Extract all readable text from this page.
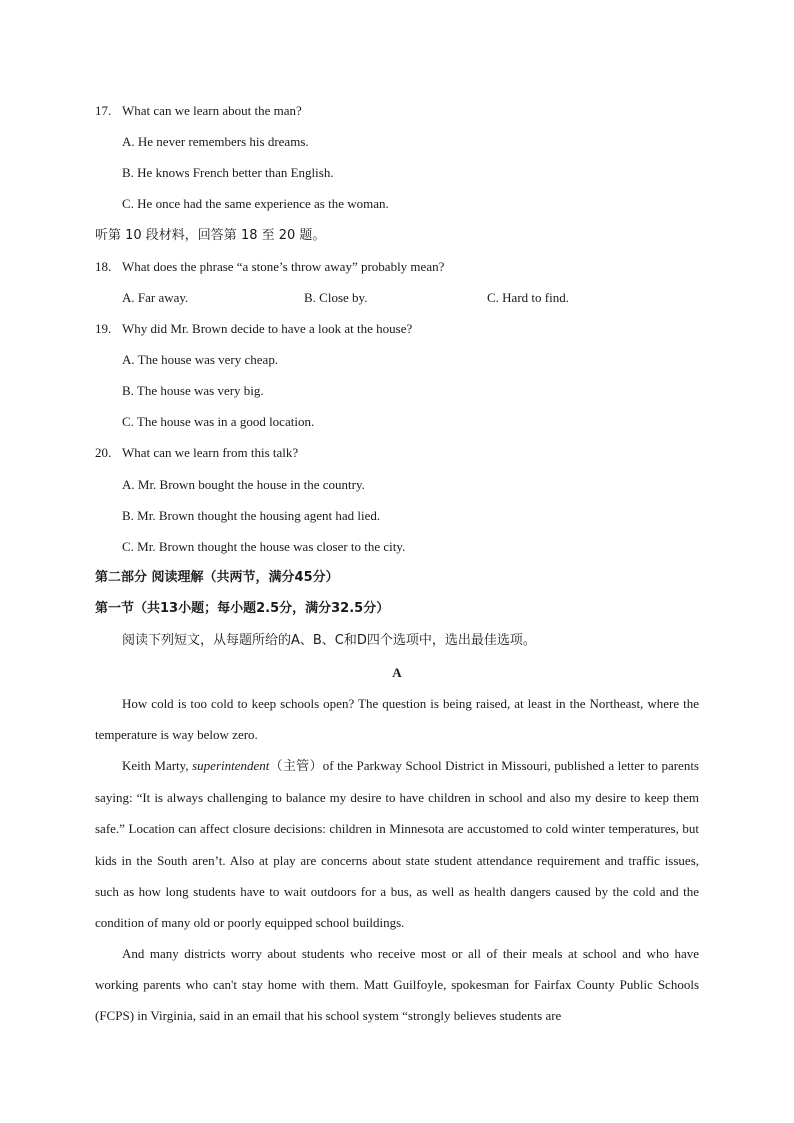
17. What can we learn about the man?
A. He never remembers his dreams.
B. He knows French better than English.
C. He once had the same experience as the woman.
听第 10 段材料，回答第 18 至 20 题。
18. What does the phrase “a stone’s throw away” probably mean?
A. Far away.	B. Close by.	C. Hard to find.
19. Why did Mr. Brown decide to have a look at the house?
A. The house was very cheap.
B. The house was very big.
C. The house was in a good location.
20. What can we learn from this talk?
A. Mr. Brown bought the house in the country.
B. Mr. Brown thought the housing agent had lied.
C. Mr. Brown thought the house was closer to the city.
第二部分 阅读理解（共两节，满分45分）
第一节（共13小题；每小题2.5分，满分32.5分）
阅读下列短文，从每题所给的A、B、C和D四个选项中，选出最佳选项。
A
How cold is too cold to keep schools open? The question is being raised, at least in the Northeast, where the temperature is way below zero.
Keith Marty, superintendent（主管）of the Parkway School District in Missouri, published a letter to parents saying: “It is always challenging to balance my desire to have children in school and also my desire to keep them safe.” Location can affect closure decisions: children in Minnesota are accustomed to cold winter temperatures, but kids in the South aren’t. Also at play are concerns about state student attendance requirement and traffic issues, such as how long students have to wait outdoors for a bus, as well as health dangers caused by the cold and the condition of many old or poorly equipped school buildings.
And many districts worry about students who receive most or all of their meals at school and who have working parents who can't stay home with them. Matt Guilfoyle, spokesman for Fairfax County Public Schools (FCPS) in Virginia, said in an email that his school system “strongly believes students are
